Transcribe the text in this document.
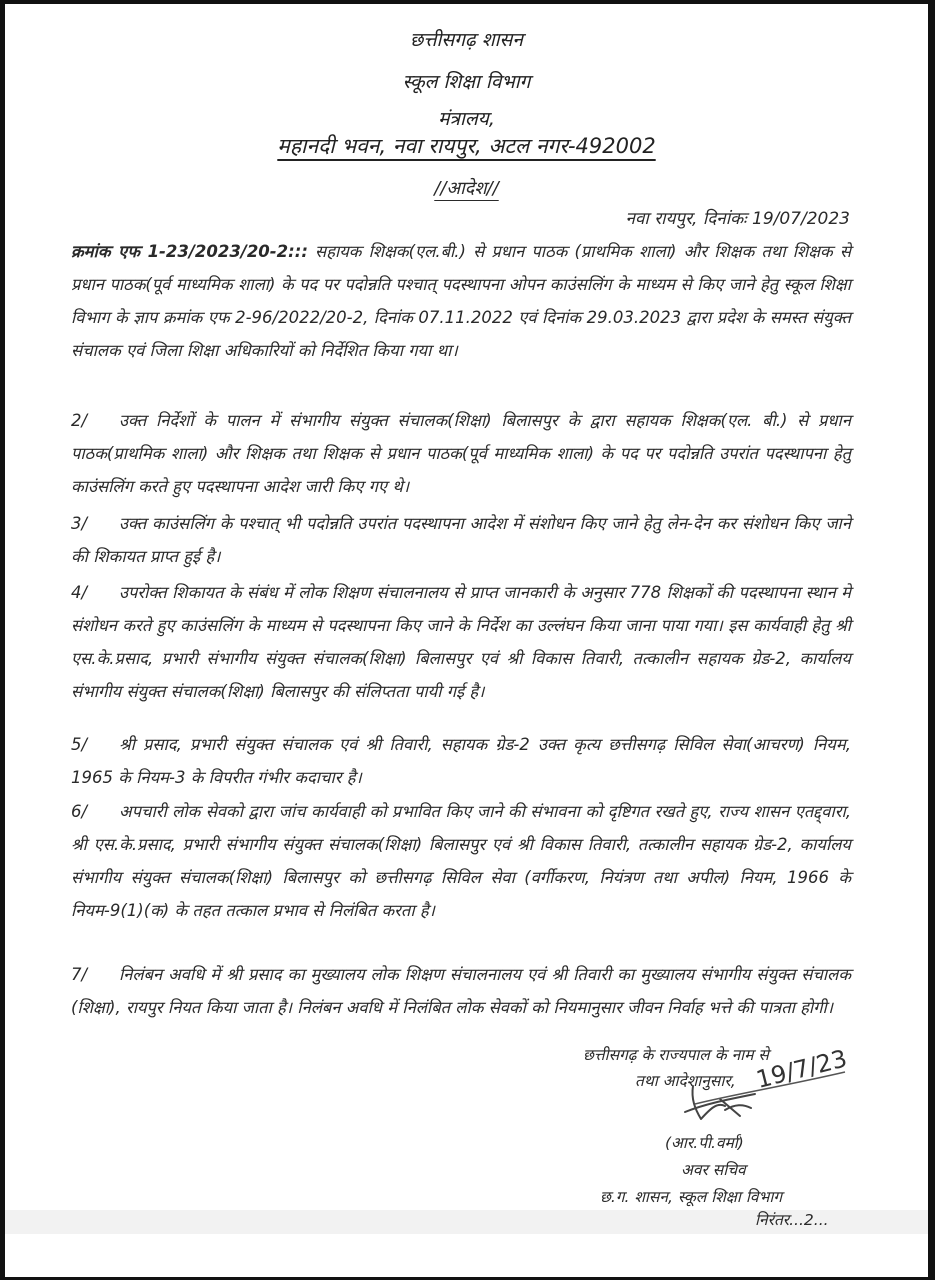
छत्तीसगढ़ शासन
स्कूल शिक्षा विभाग
मंत्रालय,
महानदी भवन, नवा रायपुर, अटल नगर-492002
//आदेश//
नवा रायपुर, दिनांकः 19/07/2023

क्रमांक एफ 1-23/2023/20-2::: सहायक शिक्षक(एल.बी.) से प्रधान पाठक (प्राथमिक शाला) और शिक्षक तथा शिक्षक से प्रधान पाठक(पूर्व माध्यमिक शाला) के पद पर पदोन्नति पश्चात् पदस्थापना ओपन काउंसलिंग के माध्यम से किए जाने हेतु स्कूल शिक्षा विभाग के ज्ञाप क्रमांक एफ 2-96/2022/20-2, दिनांक 07.11.2022 एवं दिनांक 29.03.2023 द्वारा प्रदेश के समस्त संयुक्त संचालक एवं जिला शिक्षा अधिकारियों को निर्देशित किया गया था।

2/ उक्त निर्देशों के पालन में संभागीय संयुक्त संचालक(शिक्षा) बिलासपुर के द्वारा सहायक शिक्षक(एल. बी.) से प्रधान पाठक(प्राथमिक शाला) और शिक्षक तथा शिक्षक से प्रधान पाठक(पूर्व माध्यमिक शाला) के पद पर पदोन्नति उपरांत पदस्थापना हेतु काउंसलिंग करते हुए पदस्थापना आदेश जारी किए गए थे।

3/ उक्त काउंसलिंग के पश्चात् भी पदोन्नति उपरांत पदस्थापना आदेश में संशोधन किए जाने हेतु लेन-देन कर संशोधन किए जाने की शिकायत प्राप्त हुई है।

4/ उपरोक्त शिकायत के संबंध में लोक शिक्षण संचालनालय से प्राप्त जानकारी के अनुसार 778 शिक्षकों की पदस्थापना स्थान मे संशोधन करते हुए काउंसलिंग के माध्यम से पदस्थापना किए जाने के निर्देश का उल्लंघन किया जाना पाया गया। इस कार्यवाही हेतु श्री एस.के.प्रसाद, प्रभारी संभागीय संयुक्त संचालक(शिक्षा) बिलासपुर एवं श्री विकास तिवारी, तत्कालीन सहायक ग्रेड-2, कार्यालय संभागीय संयुक्त संचालक(शिक्षा) बिलासपुर की संलिप्तता पायी गई है।

5/ श्री प्रसाद, प्रभारी संयुक्त संचालक एवं श्री तिवारी, सहायक ग्रेड-2 उक्त कृत्य छत्तीसगढ़ सिविल सेवा(आचरण) नियम, 1965 के नियम-3 के विपरीत गंभीर कदाचार है।

6/ अपचारी लोक सेवको द्वारा जांच कार्यवाही को प्रभावित किए जाने की संभावना को दृष्टिगत रखते हुए, राज्य शासन एतद्द्वारा, श्री एस.के.प्रसाद, प्रभारी संभागीय संयुक्त संचालक(शिक्षा) बिलासपुर एवं श्री विकास तिवारी, तत्कालीन सहायक ग्रेड-2, कार्यालय संभागीय संयुक्त संचालक(शिक्षा) बिलासपुर को छत्तीसगढ़ सिविल सेवा (वर्गीकरण, नियंत्रण तथा अपील) नियम, 1966 के नियम-9(1)(क) के तहत तत्काल प्रभाव से निलंबित करता है।

7/ निलंबन अवधि में श्री प्रसाद का मुख्यालय लोक शिक्षण संचालनालय एवं श्री तिवारी का मुख्यालय संभागीय संयुक्त संचालक (शिक्षा), रायपुर नियत किया जाता है। निलंबन अवधि में निलंबित लोक सेवकों को नियमानुसार जीवन निर्वाह भत्ते की पात्रता होगी।

छत्तीसगढ़ के राज्यपाल के नाम से
तथा आदेशानुसार, 19/7/23
(आर.पी.वर्मा)
अवर सचिव
छ.ग. शासन, स्कूल शिक्षा विभाग
निरंतर...2...
